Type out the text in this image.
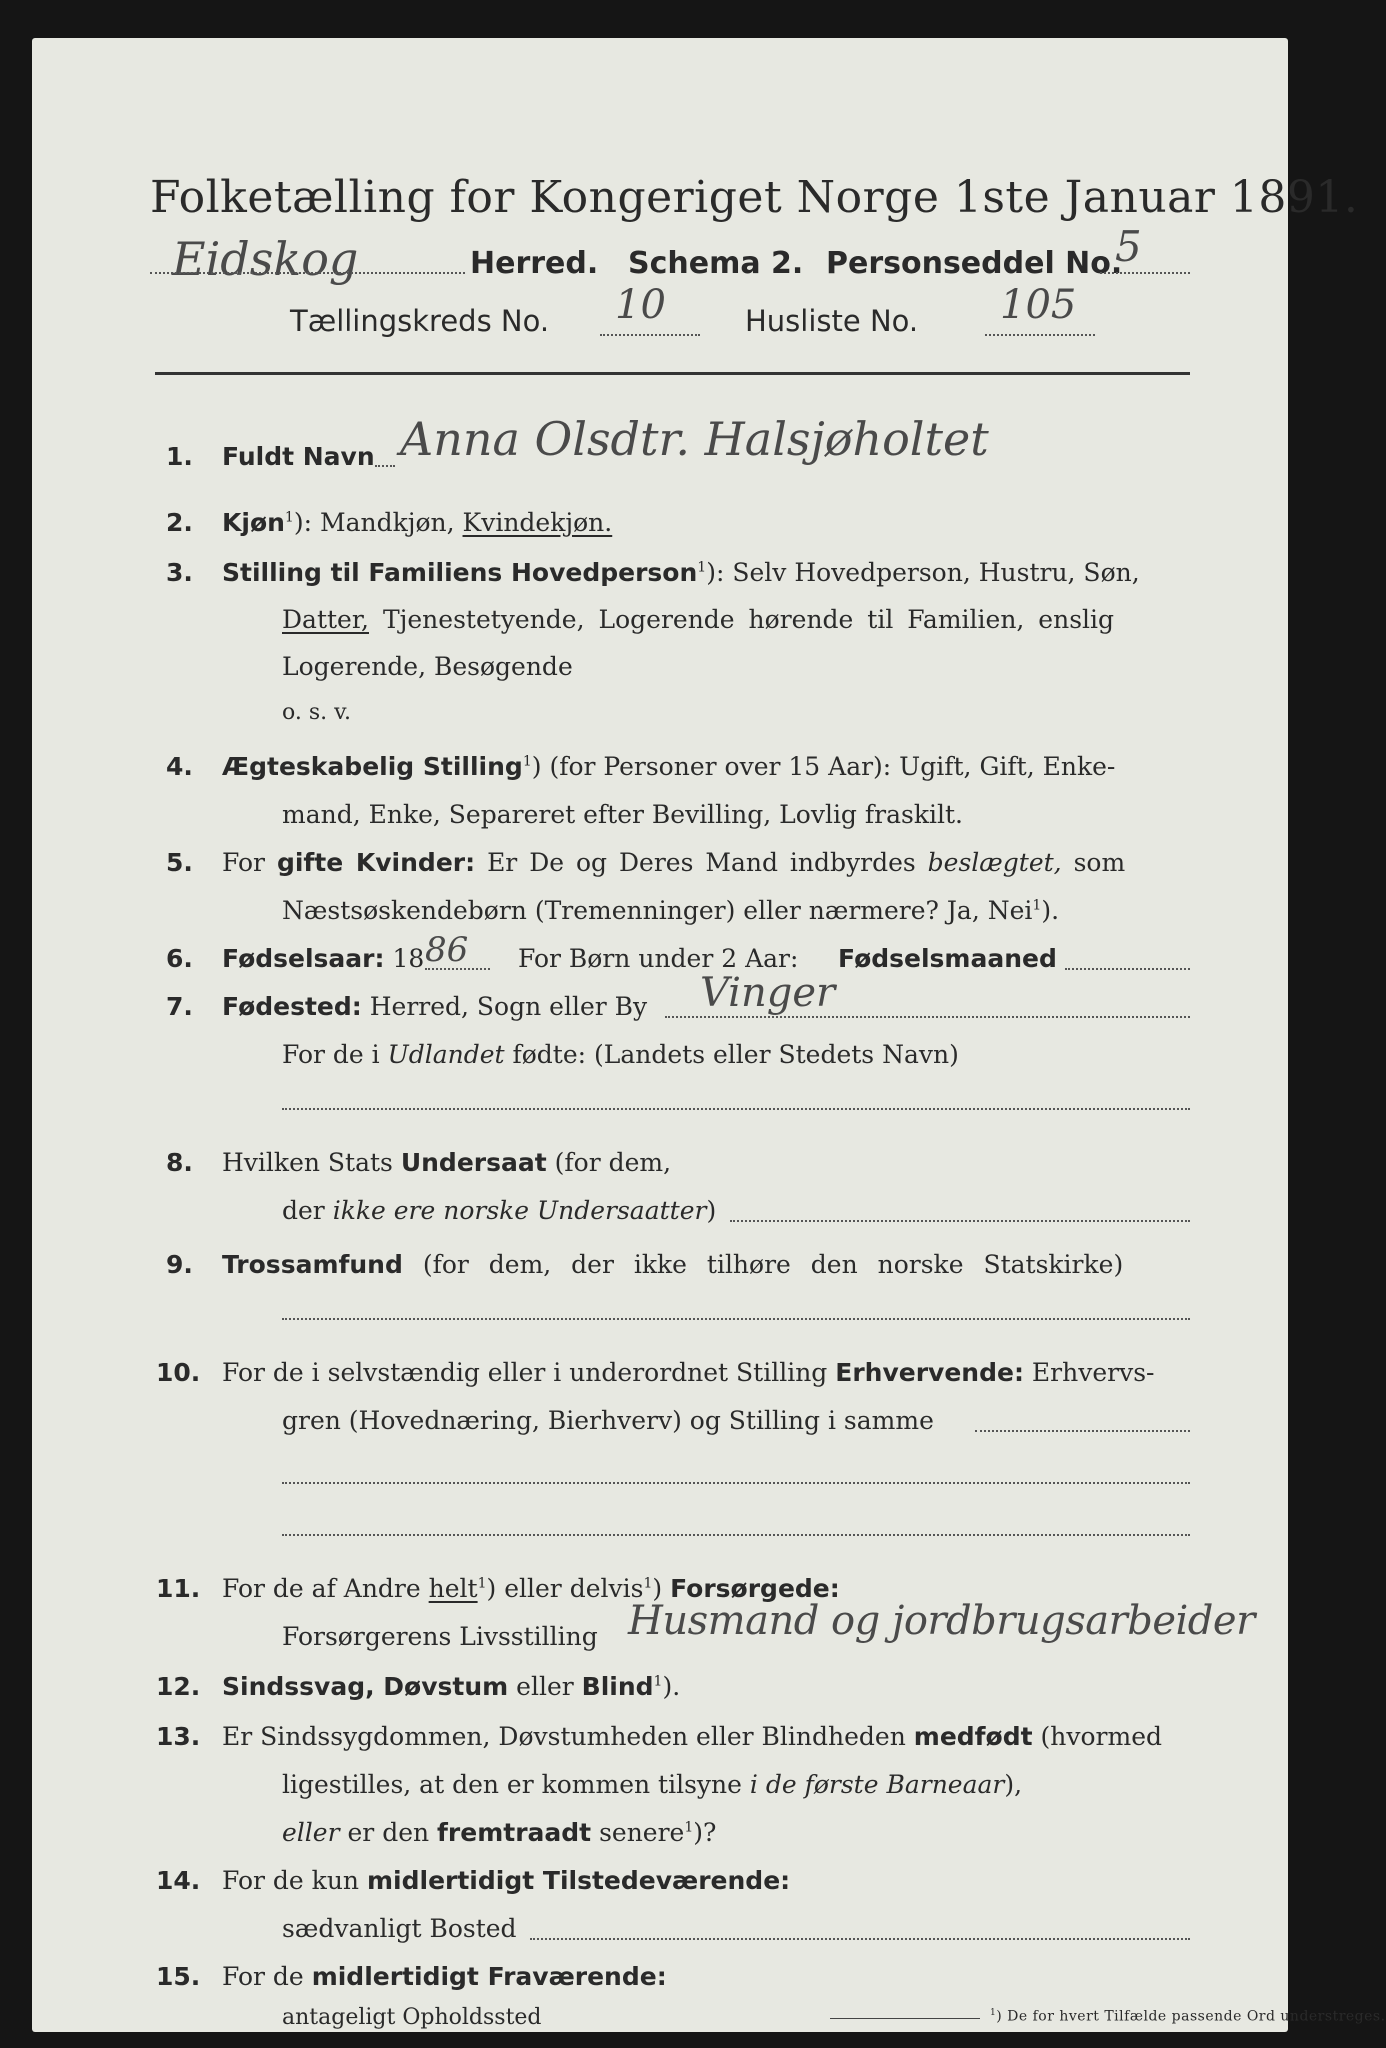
Folketælling for Kongeriget Norge 1ste Januar 1891.
Eidskog	Herred. Schema 2. Personseddel No.
5
Tællingskreds No. 10	Husliste No. 105
1. Fuldt Navn Anna Olsdtr. Halsjøholtet
2. Kjøn$^1$): Mandkjøn, Kvindekjøn.
3. Stilling til Familiens Hovedperson$^1$): Selv Hovedperson, Hustru, Søn,
Datter, Tjenestetyende, Logerende hørende til Familien, enslig
Logerende, Besøgende
o. s. v.
4. Ægteskabelig Stilling$^1$) (for Personer over 15 Aar): Ugift, Gift, Enke-
mand, Enke, Separeret efter Bevilling, Lovlig fraskilt.
5. For gifte Kvinder: Er De og Deres Mand indbyrdes beslægtet, som
Næstsøskendebørn (Tremenninger) eller nærmere? Ja, Nei$^1$).
6. Fødselsaar: 18 86 For Børn under 2 Aar: Fødselsmaaned
7. Fødested: Herred, Sogn eller By Vinger
For de i Udlandet fødte: (Landets eller Stedets Navn)
8. Hvilken Stats Undersaat (for dem,
der ikke ere norske Undersaatter)
9. Trossamfund (for dem, der ikke tilhøre den norske Statskirke)
10. For de i selvstændig eller i underordnet Stilling Erhvervende: Erhvervs-
gren (Hovednæring, Bierhverv) og Stilling i samme
11. For de af Andre helt$^1$) eller delvis$^1$) Forsørgede:
Forsørgerens Livsstilling Husmand og jordbrugsarbeider
12. Sindssvag, Døvstum eller Blind$^1$).
13. Er Sindssygdommen, Døvstumheden eller Blindheden medfødt (hvormed
ligestilles, at den er kommen tilsyne i de første Barneaar),
eller er den fremtraadt senere$^1$)?
14. For de kun midlertidigt Tilstedeværende:
sædvanligt Bosted
15. For de midlertidigt Fraværende:
antageligt Opholdssted	$^1$) De for hvert Tilfælde passende Ord understreges.
